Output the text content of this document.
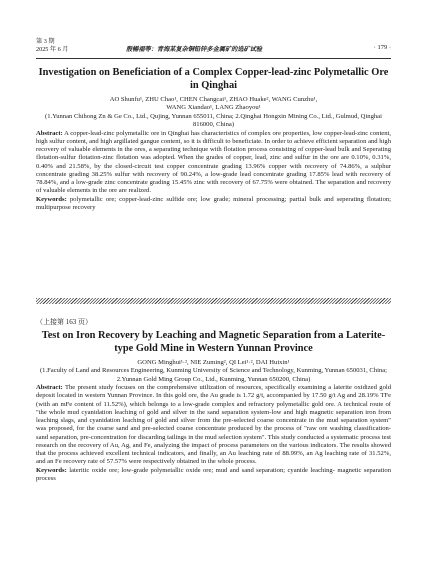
第 3 期
2025 年 6 月	殷暢福等：青海某复杂铜铅锌多金属矿的选矿试验	· 179 ·
Investigation on Beneficiation of a Complex Copper-lead-zinc Polymetallic Ore in Qinghai
AO Shunfu¹, ZHU Chao¹, CHEN Changcai¹, ZHAO Huake², WANG Cunzhu¹,
WANG Xiandao¹, LANG Zhaoyou¹
(1.Yunnan Chihong Zn & Ge Co., Ltd., Qujing, Yunnan 655011, China; 2.Qinghai Hongxin Mining Co., Ltd., Gulmud, Qinghai 816000, China)

Abstract: A copper-lead-zinc polymetallic ore in Qinghai has characteristics of complex ore properties, low copper-lead-zinc content, high sulfur content, and high argillated gangue content, so it is difficult to beneficiate. In order to achieve efficient separation and high recovery of valuable elements in the ores, a separating technique with flotation process consisting of copper-lead bulk and Seperating flotation-sulfur flotation-zinc flotation was adopted. When the grades of copper, lead, zinc and sulfur in the ore are 0.10%, 0.31%, 0.40% and 21.58%, by the closed-circuit test copper concentrate grading 13.96% copper with recovery of 74.86%, a sulphur concentrate grading 38.25% sulfur with recovery of 90.24%, a low-grade lead concentrate grading 17.85% lead with recovery of 78.84%, and a low-grade zinc concentrate grading 15.45% zinc with recovery of 67.75% were obtained. The separation and recovery of valuable elements in the ore are realized.

Keywords: polymetallic ore; copper-lead-zinc sulfide ore; low grade; mineral processing; partial bulk and seperating flotation; multipurpose recovery

（上接第 163 页）
Test on Iron Recovery by Leaching and Magnetic Separation from a Laterite-type Gold Mine in Western Yunnan Province
GONG Minghui¹·², NIE Zuming², QI Lei¹·², DAI Huixin¹
(1.Faculty of Land and Resources Engineering, Kunming University of Science and Technology, Kunming, Yunnan 650031, China; 2.Yunnan Gold Ming Group Co., Ltd., Kunming, Yunnan 650200, China)

Abstract: The present study focuses on the comprehensive utilization of resources, specifically examining a laterite oxidized gold deposit located in western Yunnan Province. In this gold ore, the Au grade is 1.72 g/t, accompanied by 17.50 g/t Ag and 28.19% TFe (with an mFe content of 11.52%), which belongs to a low-grade complex and refractory polymetallic gold ore. A technical route of "the whole mud cyanidation leaching of gold and silver in the sand separation system-low and high magnetic separation iron from leaching slags, and cyanidation leaching of gold and silver from the pre-selected coarse concentrate in the mud separation system" was proposed, for the coarse sand and pre-selected coarse concentrate produced by the process of "raw ore washing classification-sand separation, pre-concentration for discarding tailings in the mud selection system". This study conducted a systematic process test research on the recovery of Au, Ag, and Fe, analyzing the impact of process parameters on the various indicators. The results showed that the process achieved excellent technical indicators, and finally, an Au leaching rate of 88.99%, an Ag leaching rate of 31.52%, and an Fe recovery rate of 57.57% were respectively obtained in the whole process.

Keywords: lateritic oxide ore; low-grade polymetallic oxide ore; mud and sand separation; cyanide leaching- magnetic separation process
